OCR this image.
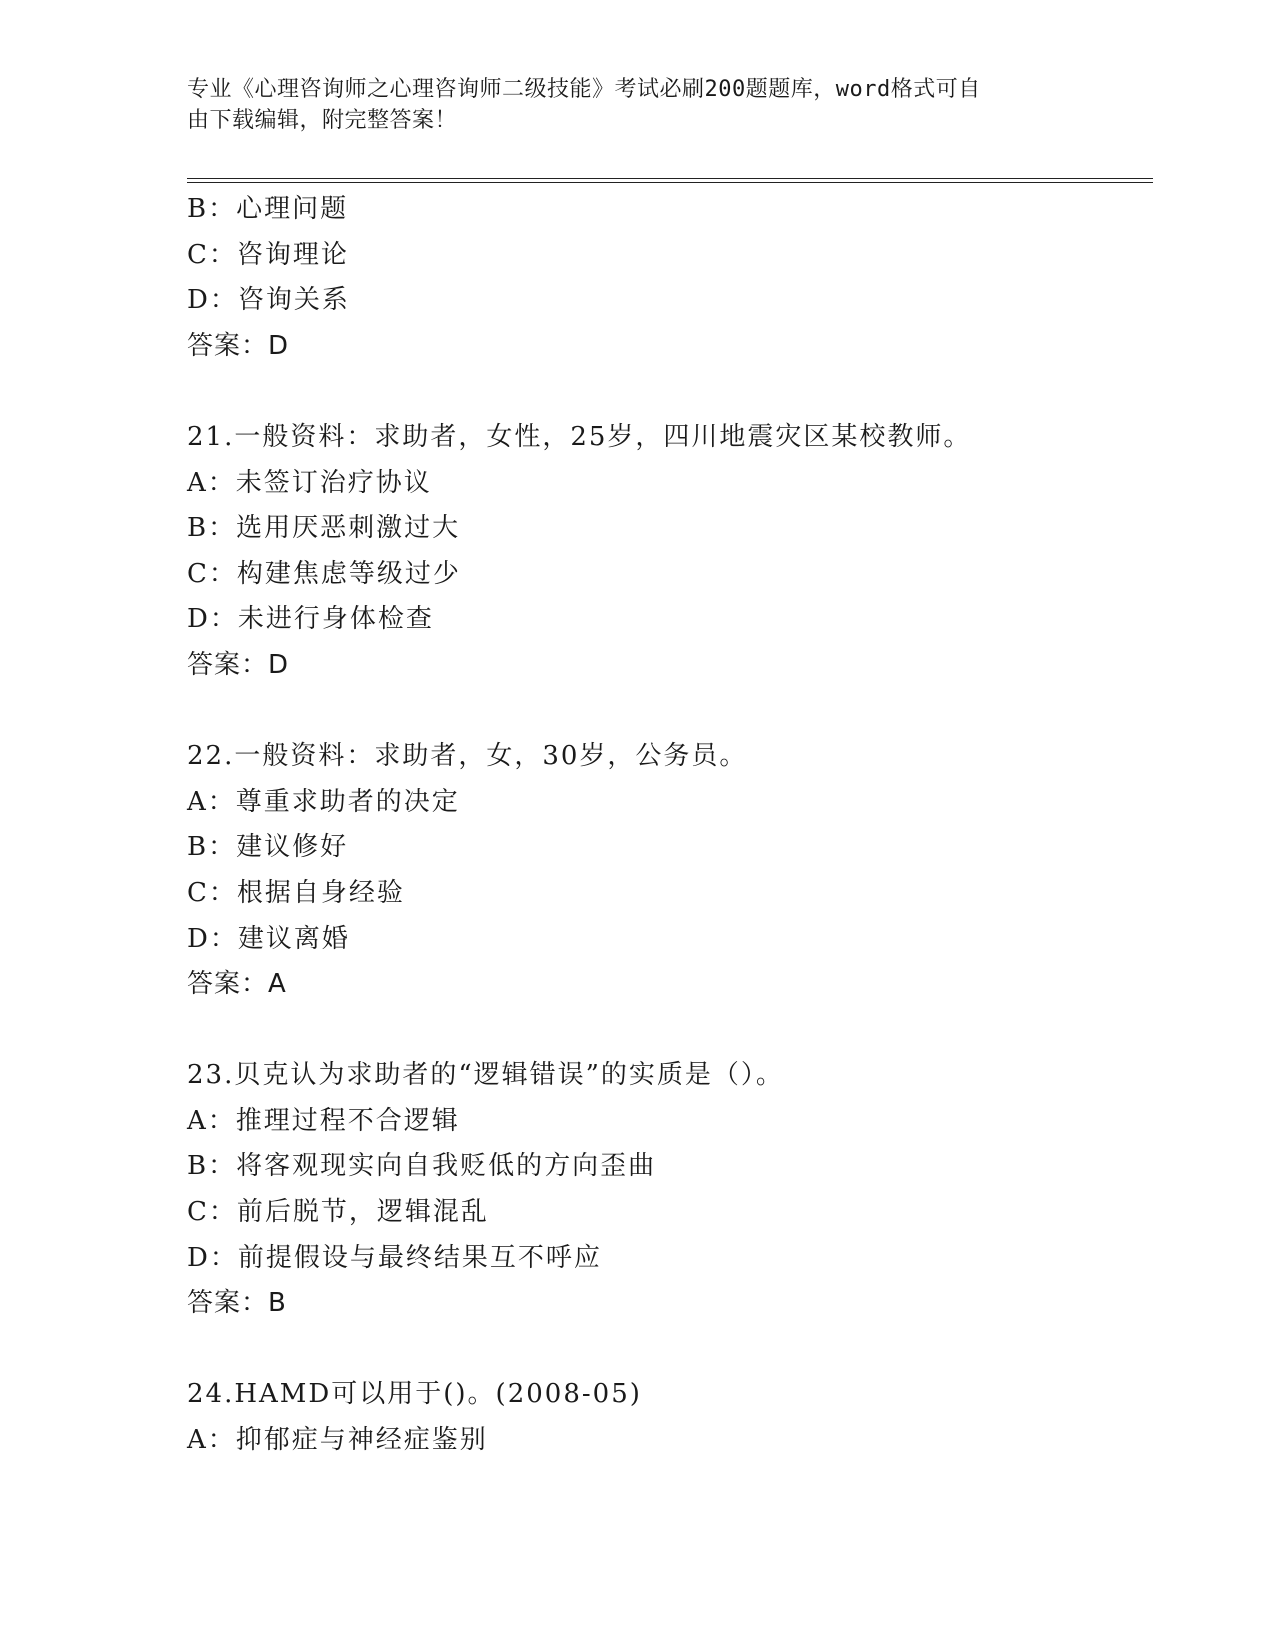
专业《心理咨询师之心理咨询师二级技能》考试必刷200题题库，word格式可自
由下载编辑，附完整答案！
B：心理问题
C：咨询理论
D：咨询关系
答案：D
21.一般资料：求助者，女性，25岁，四川地震灾区某校教师。
A：未签订治疗协议
B：选用厌恶刺激过大
C：构建焦虑等级过少
D：未进行身体检查
答案：D
22.一般资料：求助者，女，30岁，公务员。
A：尊重求助者的决定
B：建议修好
C：根据自身经验
D：建议离婚
答案：A
23.贝克认为求助者的“逻辑错误”的实质是（）。
A：推理过程不合逻辑
B：将客观现实向自我贬低的方向歪曲
C：前后脱节，逻辑混乱
D：前提假设与最终结果互不呼应
答案：B
24.HAMD可以用于()。(2008-05)
A：抑郁症与神经症鉴别
